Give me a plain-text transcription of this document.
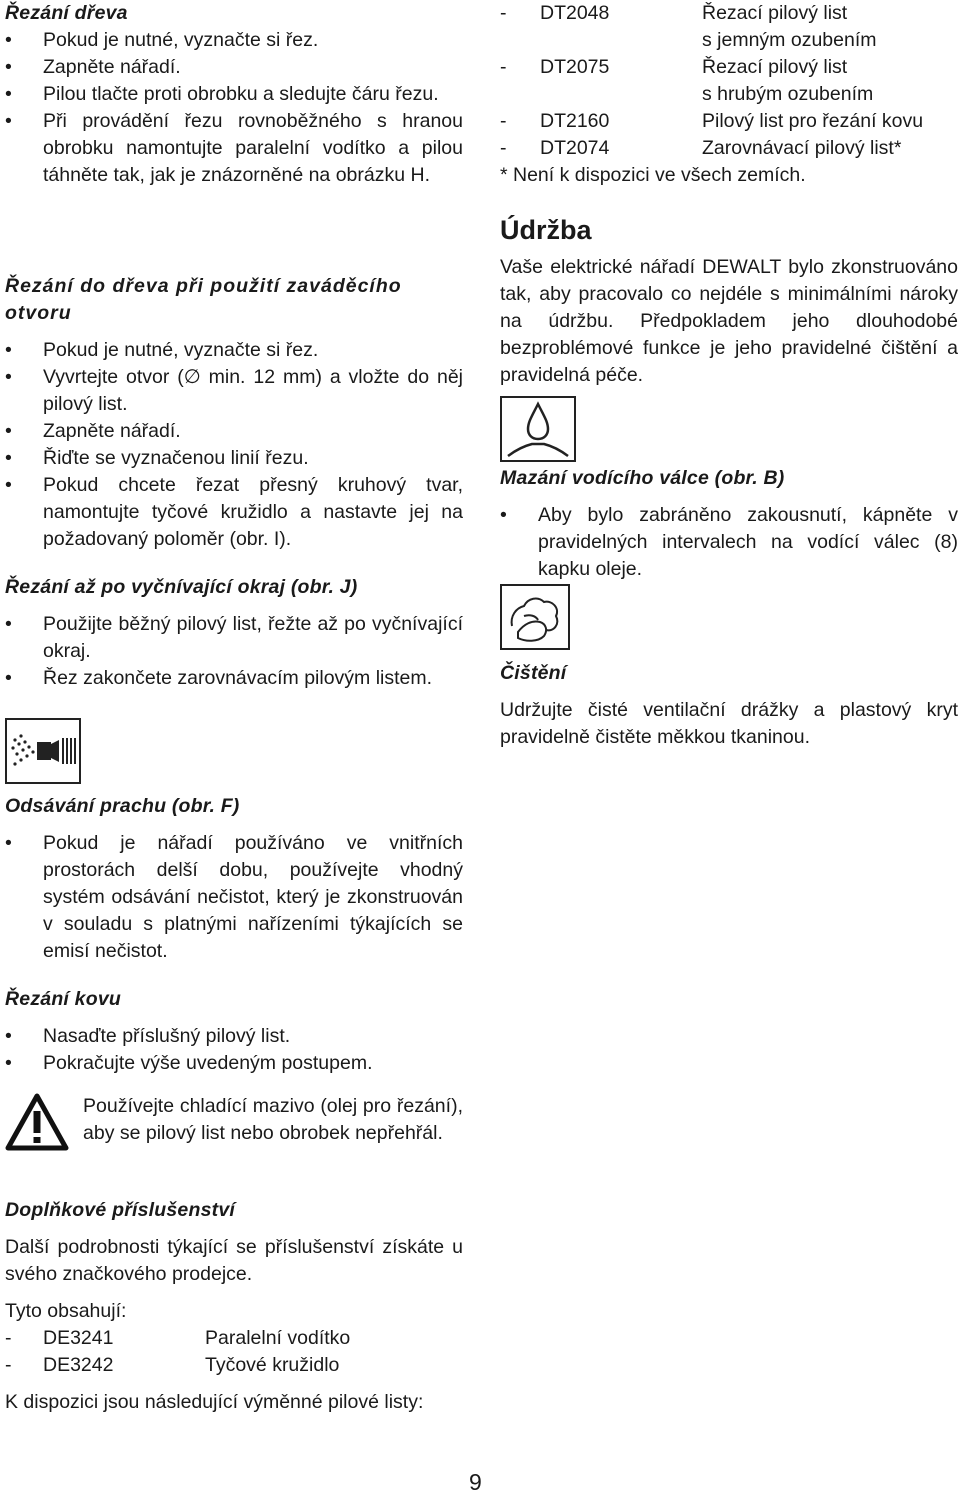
Řezání dřeva
• Pokud je nutné, vyznačte si řez.
• Zapněte nářadí.
• Pilou tlačte proti obrobku a sledujte čáru řezu.
• Při provádění řezu rovnoběžného s hranou obrobku namontujte paralelní vodítko a pilou táhněte tak, jak je znázorněné na obrázku H.
Řezání do dřeva při použití zaváděcího otvoru
• Pokud je nutné, vyznačte si řez.
• Vyvrtejte otvor (∅ min. 12 mm) a vložte do něj pilový list.
• Zapněte nářadí.
• Řiďte se vyznačenou linií řezu.
• Pokud chcete řezat přesný kruhový tvar, namontujte tyčové kružidlo a nastavte jej na požadovaný poloměr (obr. I).
Řezání až po vyčnívající okraj (obr. J)
• Použijte běžný pilový list, řežte až po vyčnívající okraj.
• Řez zakončete zarovnávacím pilovým listem.
Odsávání prachu (obr. F)
• Pokud je nářadí používáno ve vnitřních prostorách delší dobu, používejte vhodný systém odsávání nečistot, který je zkonstruován v souladu s platnými nařízeními týkajících se emisí nečistot.
Řezání kovu
• Nasaďte příslušný pilový list.
• Pokračujte výše uvedeným postupem.

Používejte chladící mazivo (olej pro řezání), aby se pilový list nebo obrobek nepřehřál.

Doplňkové příslušenství

Další podrobnosti týkající se příslušenství získáte u svého značkového prodejce.

Tyto obsahují:

- DE3241	Paralelní vodítko
- DE3242	Tyčové kružidlo

K dispozici jsou následující výměnné pilové listy:

- DT2048	Řezací pilový list
s jemným ozubením
- DT2075	Řezací pilový list
s hrubým ozubením
- DT2160	Pilový list pro řezání kovu
- DT2074	Zarovnávací pilový list*

* Není k dispozici ve všech zemích.

Údržba

Vaše elektrické nářadí DEWALT bylo zkonstruováno tak, aby pracovalo co nejdéle s minimálními nároky na údržbu. Předpokladem jeho dlouhodobé bezproblémové funkce je jeho pravidelné čištění a pravidelná péče.

Mazání vodícího válce (obr. B)
• Aby bylo zabráněno zakousnutí, kápněte v pravidelných intervalech na vodící válec (8) kapku oleje.
Čištění

Udržujte čisté ventilační drážky a plastový kryt pravidelně čistěte měkkou tkaninou.

9
